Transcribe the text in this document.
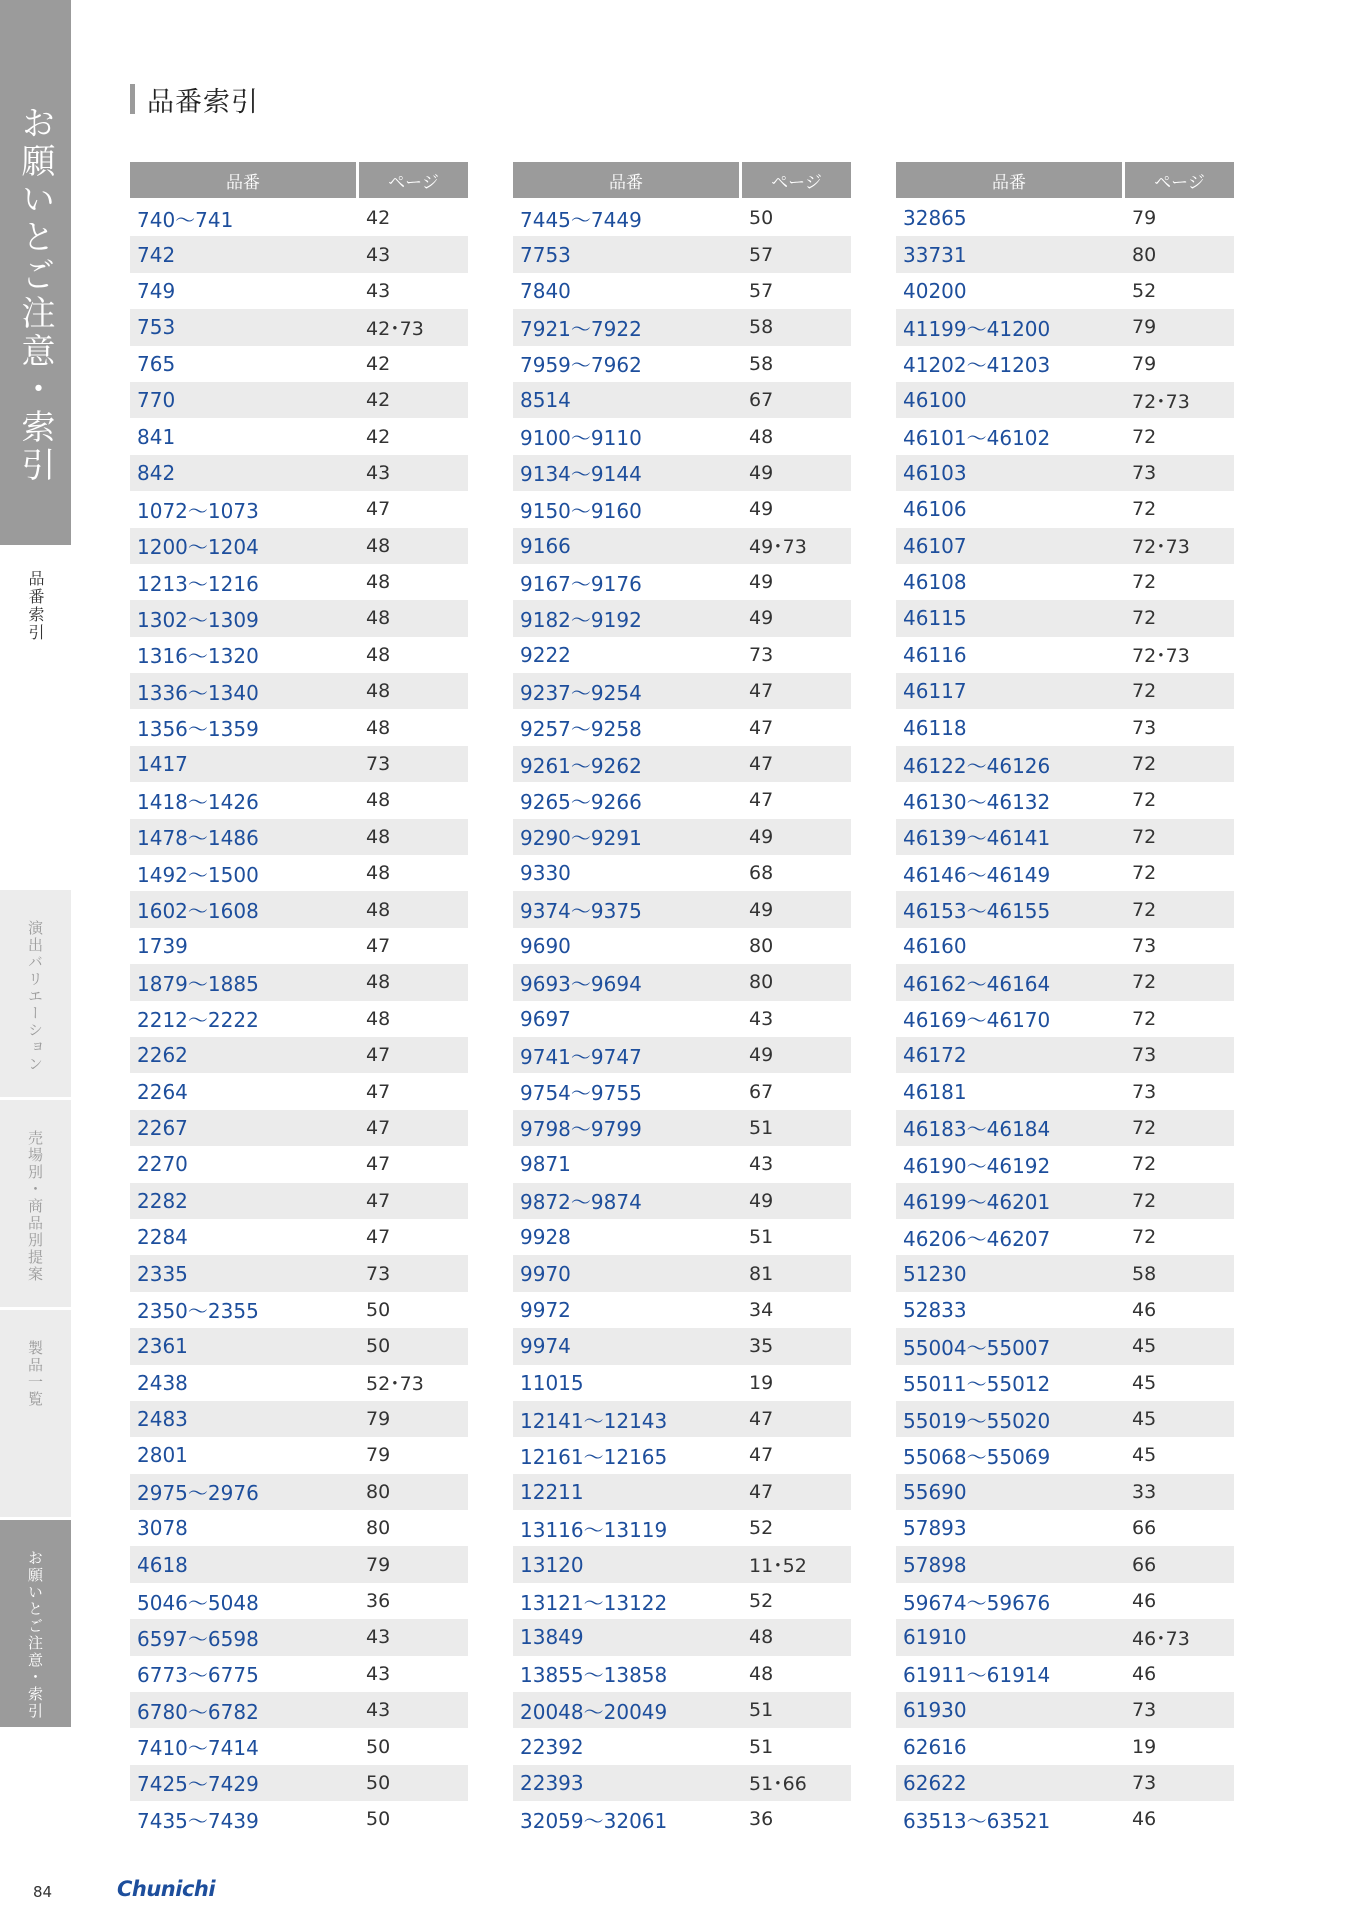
お願いとご注意・索引
品番索引
演出バリエーション
売場別・商品別提案
製品一覧
お願いとご注意・索引
品番索引
品番	ページ
740～741	42
742	43
749	43
753	42･73
765	42
770	42
841	42
842	43
1072～1073	47
1200～1204	48
1213～1216	48
1302～1309	48
1316～1320	48
1336～1340	48
1356～1359	48
1417	73
1418～1426	48
1478～1486	48
1492～1500	48
1602～1608	48
1739	47
1879～1885	48
2212～2222	48
2262	47
2264	47
2267	47
2270	47
2282	47
2284	47
2335	73
2350～2355	50
2361	50
2438	52･73
2483	79
2801	79
2975～2976	80
3078	80
4618	79
5046～5048	36
6597～6598	43
6773～6775	43
6780～6782	43
7410～7414	50
7425～7429	50
7435～7439	50
品番	ページ
7445～7449	50
7753	57
7840	57
7921～7922	58
7959～7962	58
8514	67
9100～9110	48
9134～9144	49
9150～9160	49
9166	49･73
9167～9176	49
9182～9192	49
9222	73
9237～9254	47
9257～9258	47
9261～9262	47
9265～9266	47
9290～9291	49
9330	68
9374～9375	49
9690	80
9693～9694	80
9697	43
9741～9747	49
9754～9755	67
9798～9799	51
9871	43
9872～9874	49
9928	51
9970	81
9972	34
9974	35
11015	19
12141～12143	47
12161～12165	47
12211	47
13116～13119	52
13120	11･52
13121～13122	52
13849	48
13855～13858	48
20048～20049	51
22392	51
22393	51･66
32059～32061	36
品番	ページ
32865	79
33731	80
40200	52
41199～41200	79
41202～41203	79
46100	72･73
46101～46102	72
46103	73
46106	72
46107	72･73
46108	72
46115	72
46116	72･73
46117	72
46118	73
46122～46126	72
46130～46132	72
46139～46141	72
46146～46149	72
46153～46155	72
46160	73
46162～46164	72
46169～46170	72
46172	73
46181	73
46183～46184	72
46190～46192	72
46199～46201	72
46206～46207	72
51230	58
52833	46
55004～55007	45
55011～55012	45
55019～55020	45
55068～55069	45
55690	33
57893	66
57898	66
59674～59676	46
61910	46･73
61911～61914	46
61930	73
62616	19
62622	73
63513～63521	46
84	Chunichi
